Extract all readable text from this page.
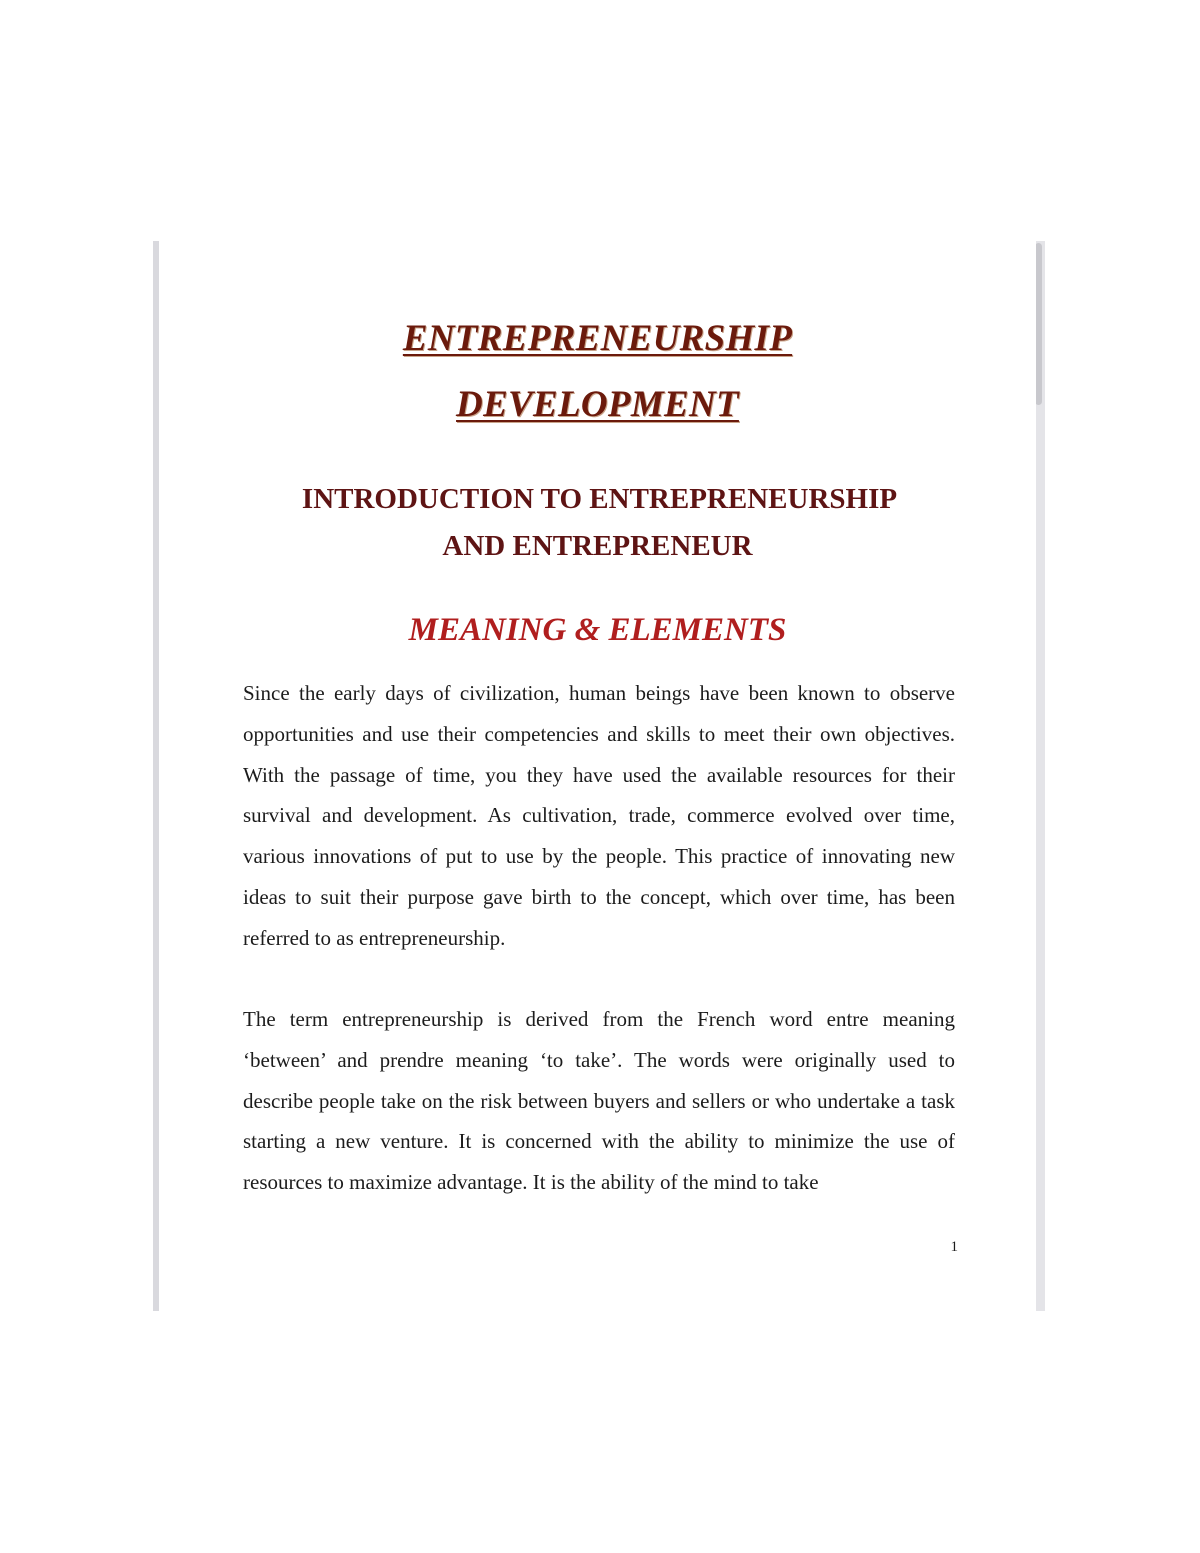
ENTREPRENEURSHIP
DEVELOPMENT
INTRODUCTION TO ENTREPRENEURSHIP
AND ENTREPRENEUR
MEANING & ELEMENTS

Since the early days of civilization, human beings have been known to observe opportunities and use their competencies and skills to meet their own objectives. With the passage of time, you they have used the available resources for their survival and development. As cultivation, trade, commerce evolved over time, various innovations of put to use by the people. This practice of innovating new ideas to suit their purpose gave birth to the concept, which over time, has been referred to as entrepreneurship.

The term entrepreneurship is derived from the French word entre meaning ‘between’ and prendre meaning ‘to take’. The words were originally used to describe people take on the risk between buyers and sellers or who undertake a task starting a new venture. It is concerned with the ability to minimize the use of resources to maximize advantage. It is the ability of the mind to take

1
